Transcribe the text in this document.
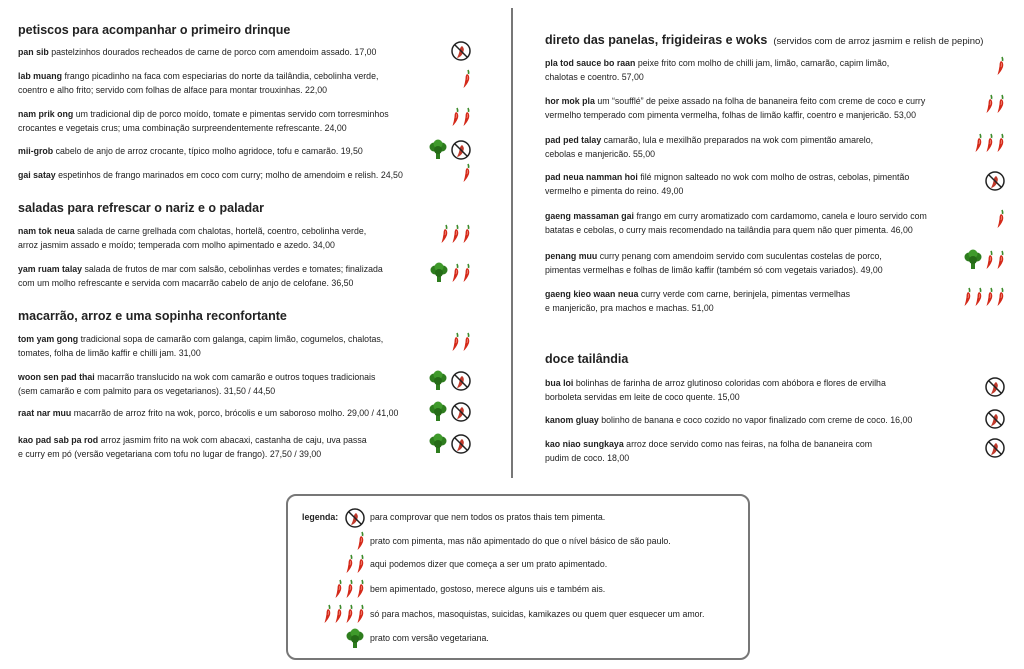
legenda:	para comprovar que nem todos os pratos thais tem pimenta.
prato com pimenta, mas não apimentado do que o nível básico de são paulo.
aqui podemos dizer que começa a ser um prato apimentado.
bem apimentado, gostoso, merece alguns uis e também ais.
só para machos, masoquistas, suicidas, kamikazes ou quem quer esquecer um amor.
prato com versão vegetariana.
petiscos para acompanhar o primeiro drinque
pan sib pastelzinhos dourados recheados de carne de porco com amendoim assado. 17,00
lab muang frango picadinho na faca com especiarias do norte da tailândia, cebolinha verde,
coentro e alho frito; servido com folhas de alface para montar trouxinhas. 22,00
nam prik ong um tradicional dip de porco moído, tomate e pimentas servido com torresminhos
crocantes e vegetais crus; uma combinação surpreendentemente refrescante. 24,00
mii-grob cabelo de anjo de arroz crocante, típico molho agridoce, tofu e camarão. 19,50
gai satay espetinhos de frango marinados em coco com curry; molho de amendoim e relish. 24,50
saladas para refrescar o nariz e o paladar
nam tok neua salada de carne grelhada com chalotas, hortelã, coentro, cebolinha verde,
arroz jasmim assado e moído; temperada com molho apimentado e azedo. 34,00
yam ruam talay salada de frutos de mar com salsão, cebolinhas verdes e tomates; finalizada
com um molho refrescante e servida com macarrão cabelo de anjo de celofane. 36,50
macarrão, arroz e uma sopinha reconfortante
tom yam gong tradicional sopa de camarão com galanga, capim limão, cogumelos, chalotas,
tomates, folha de limão kaffir e chilli jam. 31,00
woon sen pad thai macarrão translucido na wok com camarão e outros toques tradicionais
(sem camarão e com palmito para os vegetarianos). 31,50 / 44,50
raat nar muu macarrão de arroz frito na wok, porco, brócolis e um saboroso molho. 29,00 / 41,00
kao pad sab pa rod arroz jasmim frito na wok com abacaxi, castanha de caju, uva passa
e curry em pó (versão vegetariana com tofu no lugar de frango). 27,50 / 39,00
direto das panelas, frigideiras e woks (servidos com de arroz jasmim e relish de pepino)
pla tod sauce bo raan peixe frito com molho de chilli jam, limão, camarão, capim limão,
chalotas e coentro. 57,00
hor mok pla um “soufflé” de peixe assado na folha de bananeira feito com creme de coco e curry
vermelho temperado com pimenta vermelha, folhas de limão kaffir, coentro e manjericão. 53,00
pad ped talay camarão, lula e mexilhão preparados na wok com pimentão amarelo,
cebolas e manjericão. 55,00
pad neua namman hoi filé mignon salteado no wok com molho de ostras, cebolas, pimentão
vermelho e pimenta do reino. 49,00
gaeng massaman gai frango em curry aromatizado com cardamomo, canela e louro servido com
batatas e cebolas, o curry mais recomendado na tailândia para quem não quer pimenta. 46,00
penang muu curry penang com amendoim servido com suculentas costelas de porco,
pimentas vermelhas e folhas de limão kaffir (também só com vegetais variados). 49,00
gaeng kieo waan neua curry verde com carne, berinjela, pimentas vermelhas
e manjericão, pra machos e machas. 51,00
doce tailândia
bua loi bolinhas de farinha de arroz glutinoso coloridas com abóbora e flores de ervilha
borboleta servidas em leite de coco quente. 15,00
kanom gluay bolinho de banana e coco cozido no vapor finalizado com creme de coco. 16,00
kao niao sungkaya arroz doce servido como nas feiras, na folha de bananeira com
pudim de coco. 18,00
